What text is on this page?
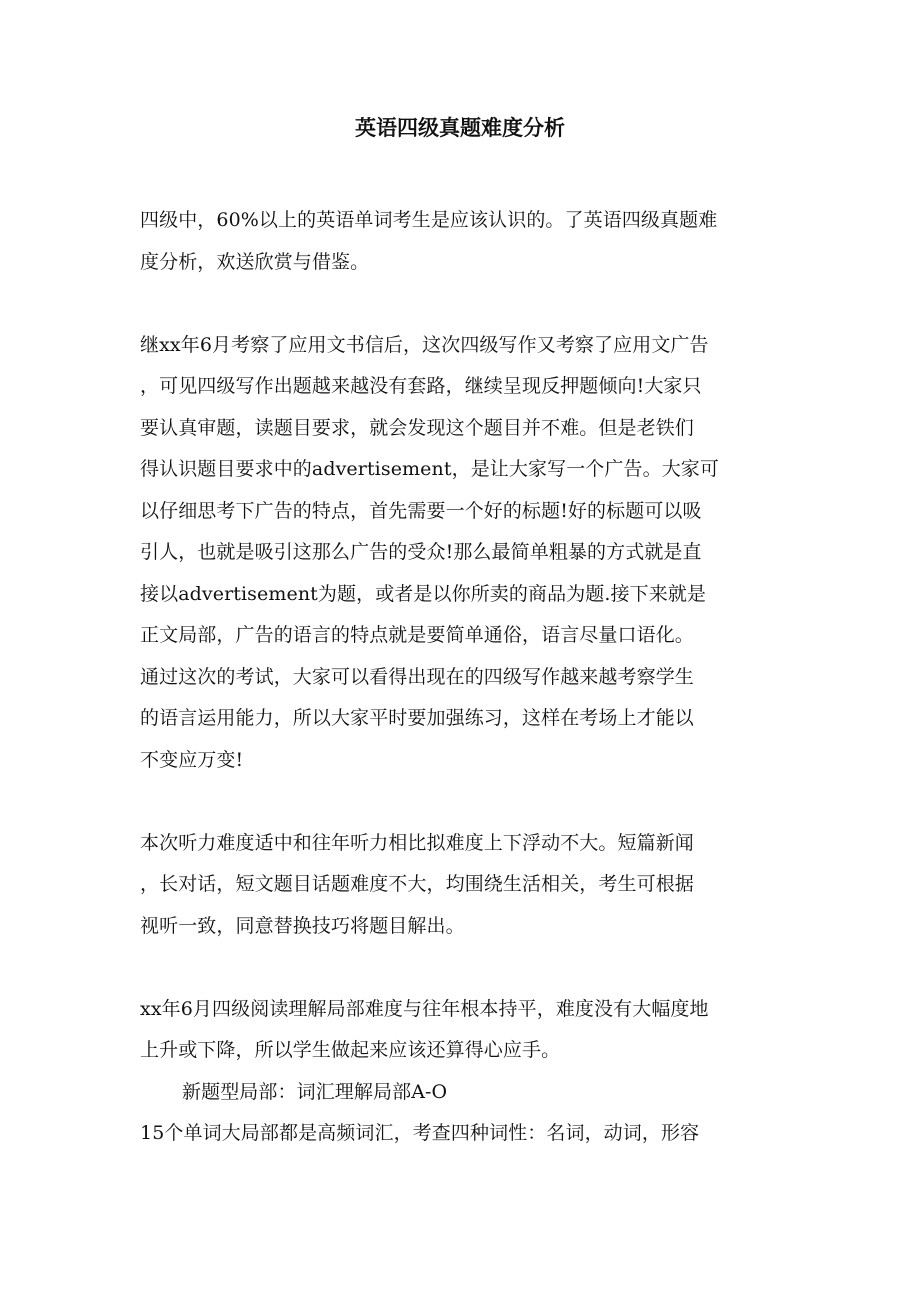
英语四级真题难度分析
四级中，60%以上的英语单词考生是应该认识的。了英语四级真题难
度分析，欢送欣赏与借鉴。
继xx年6月考察了应用文书信后，这次四级写作又考察了应用文广告
，可见四级写作出题越来越没有套路，继续呈现反押题倾向!大家只
要认真审题，读题目要求，就会发现这个题目并不难。但是老铁们
得认识题目要求中的advertisement，是让大家写一个广告。大家可
以仔细思考下广告的特点，首先需要一个好的标题!好的标题可以吸
引人，也就是吸引这那么广告的受众!那么最简单粗暴的方式就是直
接以advertisement为题，或者是以你所卖的商品为题.接下来就是
正文局部，广告的语言的特点就是要简单通俗，语言尽量口语化。
通过这次的考试，大家可以看得出现在的四级写作越来越考察学生
的语言运用能力，所以大家平时要加强练习，这样在考场上才能以
不变应万变!
本次听力难度适中和往年听力相比拟难度上下浮动不大。短篇新闻
，长对话，短文题目话题难度不大，均围绕生活相关，考生可根据
视听一致，同意替换技巧将题目解出。
xx年6月四级阅读理解局部难度与往年根本持平，难度没有大幅度地
上升或下降，所以学生做起来应该还算得心应手。
新题型局部：词汇理解局部A-O
15个单词大局部都是高频词汇，考查四种词性：名词，动词，形容
